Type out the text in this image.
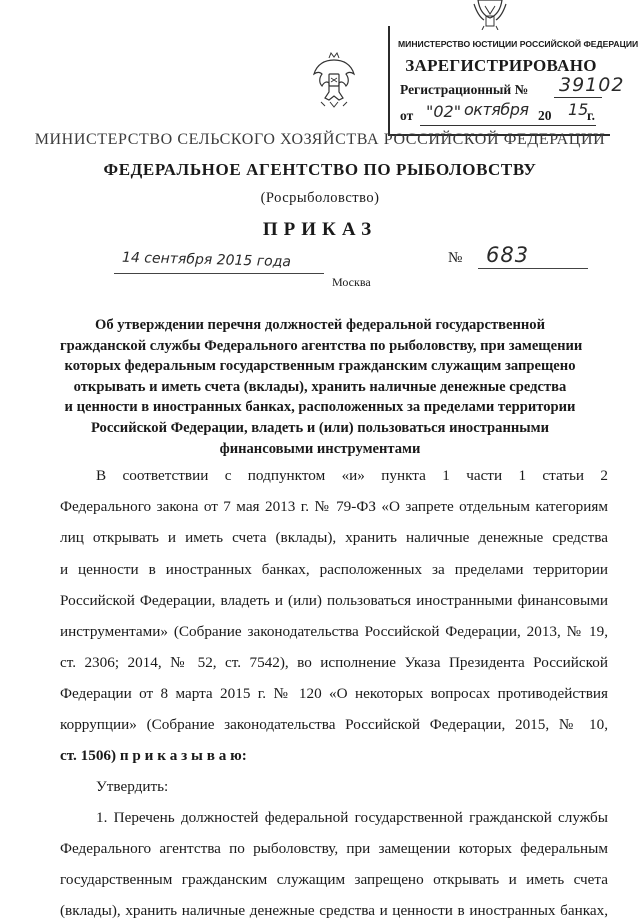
МИНИСТЕРСТВО ЮСТИЦИИ РОССИЙСКОЙ ФЕДЕРАЦИИ
ЗАРЕГИСТРИРОВАНО
Регистрационный № 39102
от "02" октября 20 15
г.
МИНИСТЕРСТВО СЕЛЬСКОГО ХОЗЯЙСТВА РОССИЙСКОЙ ФЕДЕРАЦИИ
ФЕДЕРАЛЬНОЕ АГЕНТСТВО ПО РЫБОЛОВСТВУ
(Росрыболовство)
ПРИКАЗ
14 сентября 2015 года	№ 683
Москва
Об утверждении перечня должностей федеральной государственной
гражданской службы Федерального агентства по рыболовству, при замещении
которых федеральным государственным гражданским служащим запрещено
открывать и иметь счета (вклады), хранить наличные денежные средства
и ценности в иностранных банках, расположенных за пределами территории
Российской Федерации, владеть и (или) пользоваться иностранными
финансовыми инструментами
В соответствии с подпунктом «и» пункта 1 части 1 статьи 2
Федерального закона от 7 мая 2013 г. № 79-ФЗ «О запрете отдельным категориям
лиц открывать и иметь счета (вклады), хранить наличные денежные средства
и ценности в иностранных банках, расположенных за пределами территории
Российской Федерации, владеть и (или) пользоваться иностранными финансовыми
инструментами» (Собрание законодательства Российской Федерации, 2013, № 19,
ст. 2306; 2014, № 52, ст. 7542), во исполнение Указа Президента Российской
Федерации от 8 марта 2015 г. № 120 «О некоторых вопросах противодействия
коррупции» (Собрание законодательства Российской Федерации, 2015, № 10,
ст. 1506) п р и к а з ы в а ю:
Утвердить:
1. Перечень должностей федеральной государственной гражданской службы
Федерального агентства по рыболовству, при замещении которых федеральным
государственным гражданским служащим запрещено открывать и иметь счета
(вклады), хранить наличные денежные средства и ценности в иностранных банках,
